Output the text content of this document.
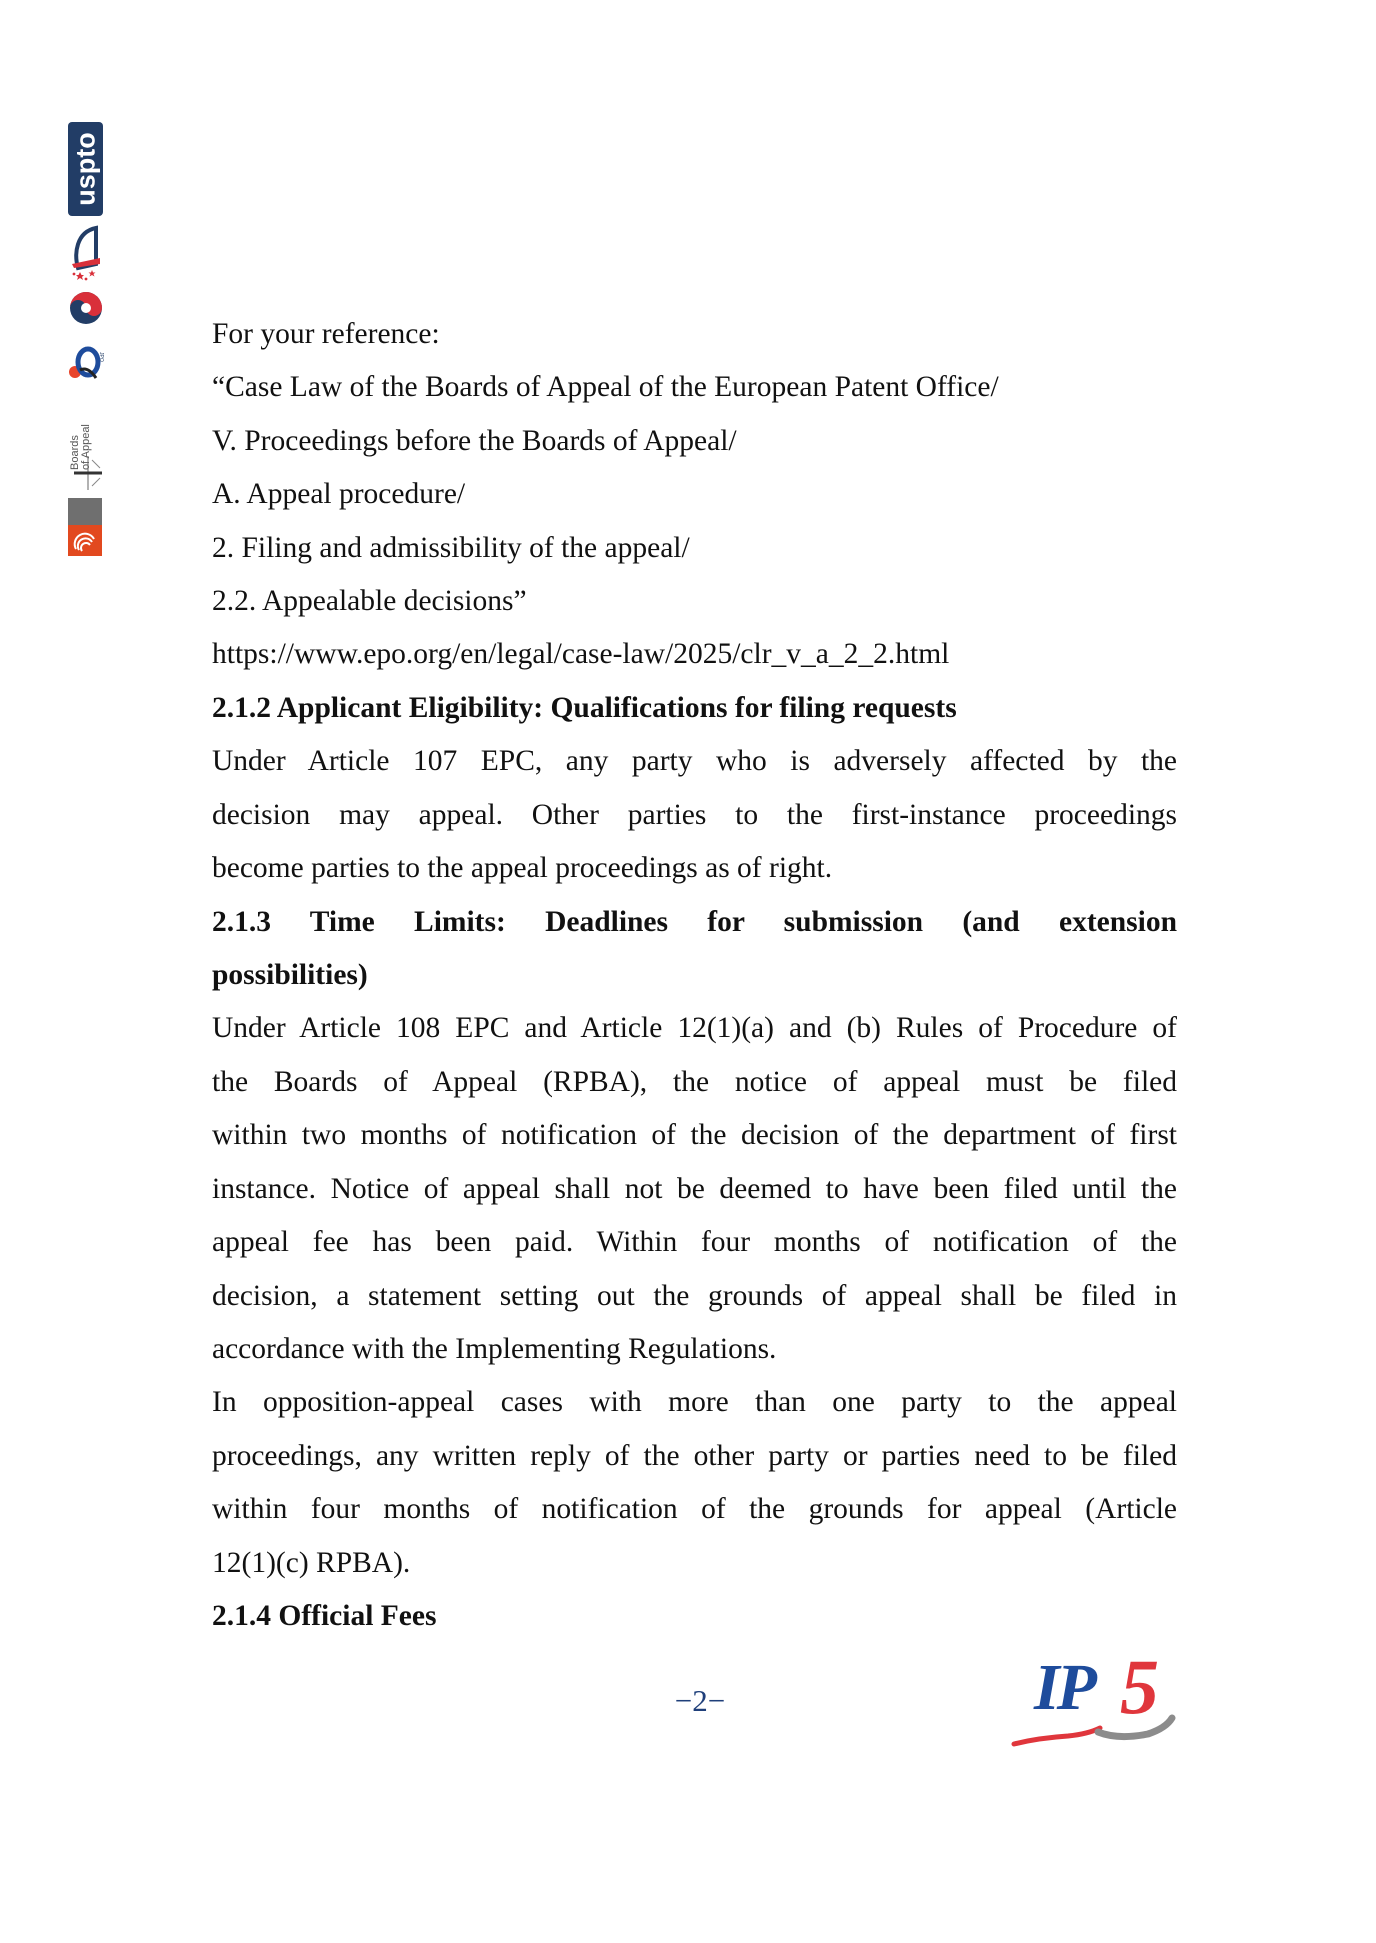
uspto
JPO
Boards of Appeal
For your reference:
“Case Law of the Boards of Appeal of the European Patent Office/
V. Proceedings before the Boards of Appeal/
A. Appeal procedure/
2. Filing and admissibility of the appeal/
2.2. Appealable decisions”
https://www.epo.org/en/legal/case-law/2025/clr_v_a_2_2.html
2.1.2 Applicant Eligibility: Qualifications for filing requests
Under Article 107 EPC, any party who is adversely affected by the
decision may appeal. Other parties to the first-instance proceedings
become parties to the appeal proceedings as of right.
2.1.3 Time Limits: Deadlines for submission (and extension
possibilities)
Under Article 108 EPC and Article 12(1)(a) and (b) Rules of Procedure of
the Boards of Appeal (RPBA), the notice of appeal must be filed
within two months of notification of the decision of the department of first
instance. Notice of appeal shall not be deemed to have been filed until the
appeal fee has been paid. Within four months of notification of the
decision, a statement setting out the grounds of appeal shall be filed in
accordance with the Implementing Regulations.
In opposition-appeal cases with more than one party to the appeal
proceedings, any written reply of the other party or parties need to be filed
within four months of notification of the grounds for appeal (Article
12(1)(c) RPBA).
2.1.4 Official Fees
−2−	IP 5
